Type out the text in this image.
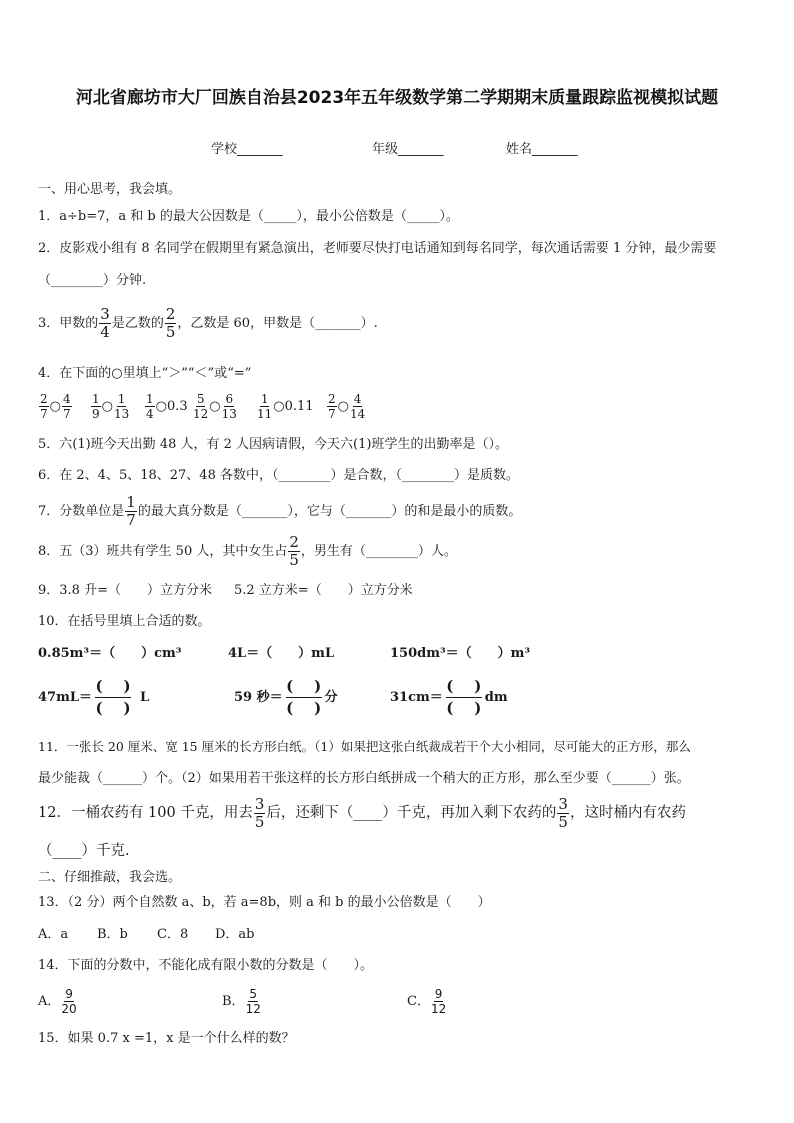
河北省廊坊市大厂回族自治县2023年五年级数学第二学期期末质量跟踪监视模拟试题
学校_______	年级_______	姓名_______
一、用心思考，我会填。
1．a÷b=7，a 和 b 的最大公因数是（_____），最小公倍数是（_____）。
2．皮影戏小组有 8 名同学在假期里有紧急演出，老师要尽快打电话通知到每名同学，每次通话需要 1 分钟，最少需要
（________）分钟.
3．甲数的 $\frac{3}{4}$ 是乙数的 $\frac{2}{5}$ ，乙数是 60，甲数是（_______）.
4．在下面的○里填上“＞”“＜”或“=”
$\frac{2}{7}$ ○ $\frac{4}{7} \frac{1}{9}$ ○ $\frac{1}{13} \frac{1}{4}$ ○0.3 $\frac{5}{12}$ ○ $\frac{6}{13} \frac{1}{11}$ ○0.11 $\frac{2}{7}$ ○ $\frac{4}{14}$
5．六(1)班今天出勤 48 人，有 2 人因病请假，今天六(1)班学生的出勤率是（）。
6．在 2、4、5、18、27、48 各数中，（________）是合数，（________）是质数。
7．分数单位是 $\frac{1}{7}$ 的最大真分数是（_______），它与（_______）的和是最小的质数。
8．五（3）班共有学生 50 人，其中女生占 $\frac{2}{5}$ ，男生有（________）人。
9．3.8 升=（　　）立方分米 5.2 立方米=（　　）立方分米
10．在括号里填上合适的数。
0.85m³＝（　　）cm³	4L＝（　　）mL	150dm³＝（　　）m³
$47mL= \frac{( )}{( )}$ L	59 秒＝ $\frac{( )}{( )}$ 分	$31cm= \frac{( )}{( )}$ dm
11．一张长 20 厘米、宽 15 厘米的长方形白纸。（1）如果把这张白纸裁成若干个大小相同，尽可能大的正方形，那么
最少能裁（______）个。（2）如果用若干张这样的长方形白纸拼成一个稍大的正方形，那么至少要（______）张。
12．一桶农药有 100 千克，用去 $\frac{3}{5}$ 后，还剩下（____）千克，再加入剩下农药的 $\frac{3}{5}$ ，这时桶内有农药
（____）千克.
二、仔细推敲，我会选。
13．（2 分）两个自然数 a、b，若 a=8b，则 a 和 b 的最小公倍数是（　　）
A．a B．b C．8 D．ab
14．下面的分数中，不能化成有限小数的分数是（　　）。
A． $\frac{9}{20}$	B． $\frac{5}{12}$	C． $\frac{9}{12}$
15．如果 0.7 x =1，x 是一个什么样的数？
